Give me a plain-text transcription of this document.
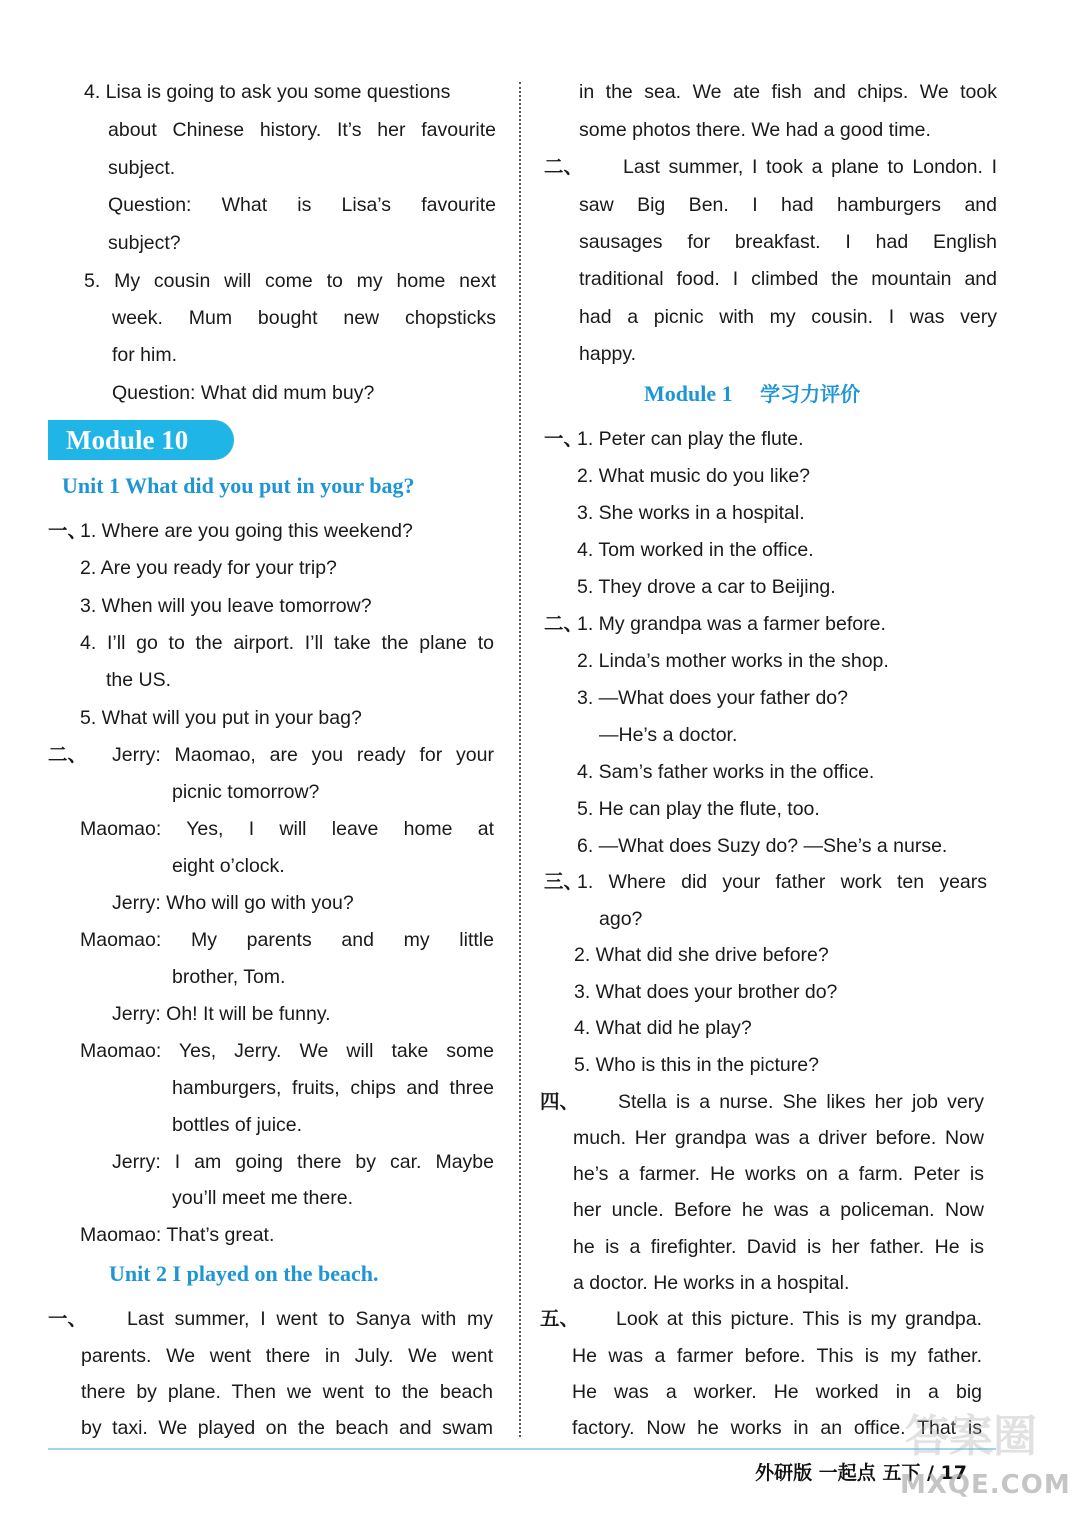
4. Lisa is going to ask you some questions
about Chinese history. It’s her favourite
subject.
Question: What is Lisa’s favourite
subject?
5. My cousin will come to my home next
week. Mum bought new chopsticks
for him.
Question: What did mum buy?
Module 10
Unit 1 What did you put in your bag?
一、
1. Where are you going this weekend?
2. Are you ready for your trip?
3. When will you leave tomorrow?
4. I’ll go to the airport. I’ll take the plane to
the US.
5. What will you put in your bag?
二、 Jerry: Maomao, are you ready for your
picnic tomorrow?
Maomao: Yes, I will leave home at
eight o’clock.
Jerry: Who will go with you?
Maomao: My parents and my little
brother, Tom.
Jerry: Oh! It will be funny.
Maomao: Yes, Jerry. We will take some
hamburgers, fruits, chips and three
bottles of juice.
Jerry: I am going there by car. Maybe
you’ll meet me there.
Maomao: That’s great.
Unit 2 I played on the beach.
一、 Last summer, I went to Sanya with my
parents. We went there in July. We went
there by plane. Then we went to the beach
by taxi. We played on the beach and swam
in the sea. We ate fish and chips. We took
some photos there. We had a good time.
二、 Last summer, I took a plane to London. I
saw Big Ben. I had hamburgers and
sausages for breakfast. I had English
traditional food. I climbed the mountain and
had a picnic with my cousin. I was very
happy.
Module 1 学习力评价
一、
1. Peter can play the flute.
2. What music do you like?
3. She works in a hospital.
4. Tom worked in the office.
5. They drove a car to Beijing.
二、
1. My grandpa was a farmer before.
2. Linda’s mother works in the shop.
3. —What does your father do?
—He’s a doctor.
4. Sam’s father works in the office.
5. He can play the flute, too.
6. —What does Suzy do? —She’s a nurse.
三、
1. Where did your father work ten years
ago?
2. What did she drive before?
3. What does your brother do?
4. What did he play?
5. Who is this in the picture?
四、 Stella is a nurse. She likes her job very
much. Her grandpa was a driver before. Now
he’s a farmer. He works on a farm. Peter is
her uncle. Before he was a policeman. Now
he is a firefighter. David is her father. He is
a doctor. He works in a hospital.
五、 Look at this picture. This is my grandpa.
He was a farmer before. This is my father.
He was a worker. He worked in a big
factory. Now he works in an office. That is
答案圈
外研版 一起点 五下 / 17
MXQE.COM
